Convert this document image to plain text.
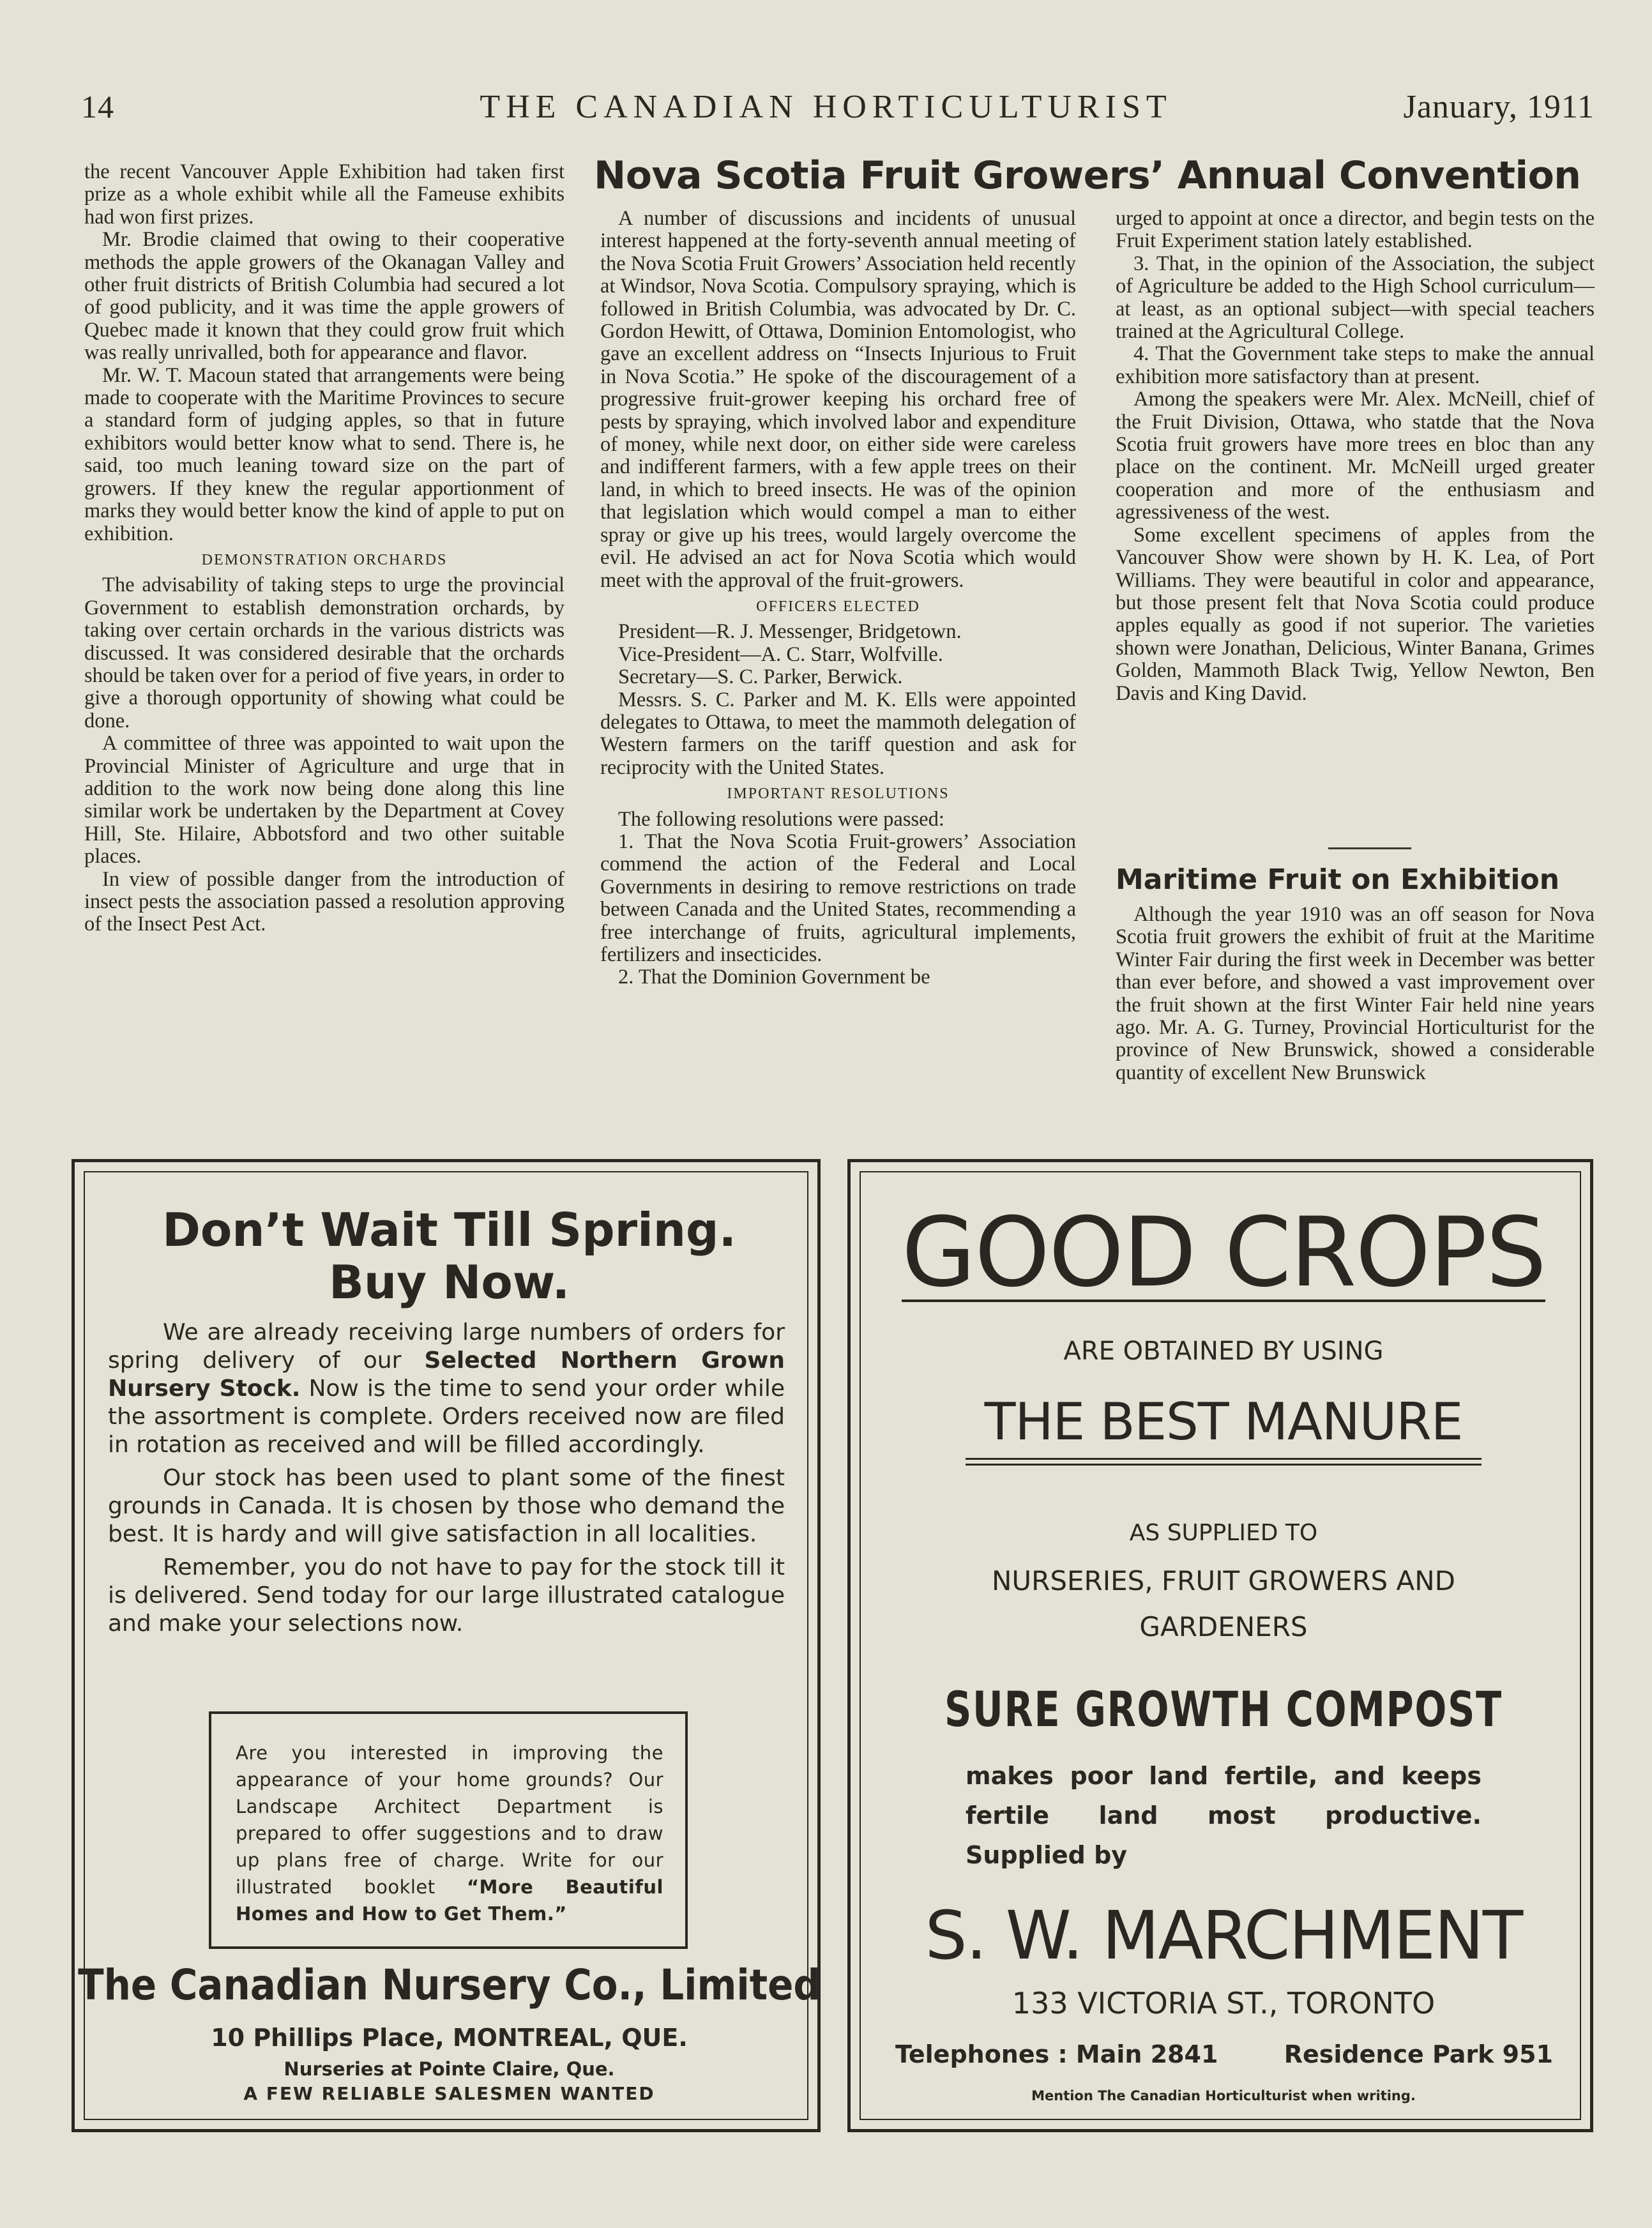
14	THE CANADIAN HORTICULTURIST	January, 1911

the recent Vancouver Apple Exhibition had taken first prize as a whole exhibit while all the Fameuse exhibits had won first prizes.

Mr. Brodie claimed that owing to their cooperative methods the apple growers of the Okanagan Valley and other fruit districts of British Columbia had secured a lot of good publicity, and it was time the apple growers of Quebec made it known that they could grow fruit which was really unrivalled, both for appearance and flavor.

Mr. W. T. Macoun stated that arrangements were being made to cooperate with the Maritime Provinces to secure a standard form of judging apples, so that in future exhibitors would better know what to send. There is, he said, too much leaning toward size on the part of growers. If they knew the regular apportionment of marks they would better know the kind of apple to put on exhibition.

DEMONSTRATION ORCHARDS

The advisability of taking steps to urge the provincial Government to establish demonstration orchards, by taking over certain orchards in the various districts was discussed. It was considered desirable that the orchards should be taken over for a period of five years, in order to give a thorough opportunity of showing what could be done.

A committee of three was appointed to wait upon the Provincial Minister of Agriculture and urge that in addition to the work now being done along this line similar work be undertaken by the Department at Covey Hill, Ste. Hilaire, Abbotsford and two other suitable places.

In view of possible danger from the introduction of insect pests the association passed a resolution approving of the Insect Pest Act.

Nova Scotia Fruit Growers’ Annual Convention

A number of discussions and incidents of unusual interest happened at the forty-seventh annual meeting of the Nova Scotia Fruit Growers’ Association held recently at Windsor, Nova Scotia. Compulsory spraying, which is followed in British Columbia, was advocated by Dr. C. Gordon Hewitt, of Ottawa, Dominion Entomologist, who gave an excellent address on “Insects Injurious to Fruit in Nova Scotia.” He spoke of the discouragement of a progressive fruit-grower keeping his orchard free of pests by spraying, which involved labor and expenditure of money, while next door, on either side were careless and indifferent farmers, with a few apple trees on their land, in which to breed insects. He was of the opinion that legislation which would compel a man to either spray or give up his trees, would largely overcome the evil. He advised an act for Nova Scotia which would meet with the approval of the fruit-growers.

OFFICERS ELECTED

President—R. J. Messenger, Bridgetown.

Vice-President—A. C. Starr, Wolfville.

Secretary—S. C. Parker, Berwick.

Messrs. S. C. Parker and M. K. Ells were appointed delegates to Ottawa, to meet the mammoth delegation of Western farmers on the tariff question and ask for reciprocity with the United States.

IMPORTANT RESOLUTIONS

The following resolutions were passed:

1. That the Nova Scotia Fruit-growers’ Association commend the action of the Federal and Local Governments in desiring to remove restrictions on trade between Canada and the United States, recommending a free interchange of fruits, agricultural implements, fertilizers and insecticides.

2. That the Dominion Government be

urged to appoint at once a director, and begin tests on the Fruit Experiment station lately established.

3. That, in the opinion of the Association, the subject of Agriculture be added to the High School curriculum—at least, as an optional subject—with special teachers trained at the Agricultural College.

4. That the Government take steps to make the annual exhibition more satisfactory than at present.

Among the speakers were Mr. Alex. McNeill, chief of the Fruit Division, Ottawa, who statde that the Nova Scotia fruit growers have more trees en bloc than any place on the continent. Mr. McNeill urged greater cooperation and more of the enthusiasm and agressiveness of the west.

Some excellent specimens of apples from the Vancouver Show were shown by H. K. Lea, of Port Williams. They were beautiful in color and appearance, but those present felt that Nova Scotia could produce apples equally as good if not superior. The varieties shown were Jonathan, Delicious, Winter Banana, Grimes Golden, Mammoth Black Twig, Yellow Newton, Ben Davis and King David.

Maritime Fruit on Exhibition

Although the year 1910 was an off season for Nova Scotia fruit growers the exhibit of fruit at the Maritime Winter Fair during the first week in December was better than ever before, and showed a vast improvement over the fruit shown at the first Winter Fair held nine years ago. Mr. A. G. Turney, Provincial Horticulturist for the province of New Brunswick, showed a considerable quantity of excellent New Brunswick

Don’t Wait Till Spring.
Buy Now.

We are already receiving large numbers of orders for spring delivery of our Selected Northern Grown Nursery Stock. Now is the time to send your order while the assortment is complete. Orders received now are filed in rotation as received and will be filled accordingly.

Our stock has been used to plant some of the finest grounds in Canada. It is chosen by those who demand the best. It is hardy and will give satisfaction in all localities.

Remember, you do not have to pay for the stock till it is delivered. Send today for our large illustrated catalogue and make your selections now.

Are you interested in improving the appearance of your home grounds? Our Landscape Architect Department is prepared to offer suggestions and to draw up plans free of charge. Write for our illustrated booklet “More Beautiful Homes and How to Get Them.”
The Canadian Nursery Co., Limited
10 Phillips Place, MONTREAL, QUE.
Nurseries at Pointe Claire, Que.
A FEW RELIABLE SALESMEN WANTED
GOOD CROPS
ARE OBTAINED BY USING
THE BEST MANURE
AS SUPPLIED TO
NURSERIES, FRUIT GROWERS AND
GARDENERS
SURE GROWTH COMPOST
makes poor land fertile, and keeps fertile land most productive. Supplied by
S. W. MARCHMENT
133 VICTORIA ST., TORONTO
Telephones : Main 2841	Residence Park 951
Mention The Canadian Horticulturist when writing.
